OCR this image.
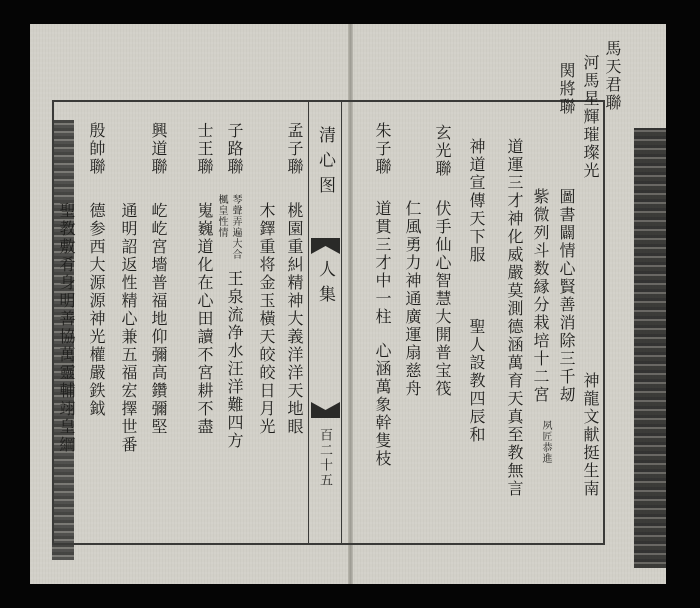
清心图
人集
百二十五
馬天君聯
河馬星輝璀璨光
神龍文献挺生南
関將聯
圖書闢情心賢善消除三千刼
紫微列斗数縁分栽培十二宮
夙匠恭進
道運三才神化威嚴莫測
德涵萬育天真至教無言
神道宣傳天下服
聖人設教四辰和
玄光聯
伏手仙心智慧大開普宝筏
仁風勇力神通廣運扇慈舟
朱子聯
道貫三才中一柱
心涵萬象幹隻枝
孟子聯
桃園重糾精神大義洋洋天地眼
木鐸重将金玉橫天皎皎日月光
子路聯
琴聲弄遍大合
楓皇性情
王泉流净水汪洋難四方
士王聯
嵬巍道化在心田讀不宮耕不盡
興道聯
屹屹宮墻普福地仰彌高鑽彌堅
通明詔返性精心兼五福宏擇世番
殷帥聯
德参西大源源神光權嚴鉄鉞
聖教敷肴身明善協萬靈輔翊皇綱
